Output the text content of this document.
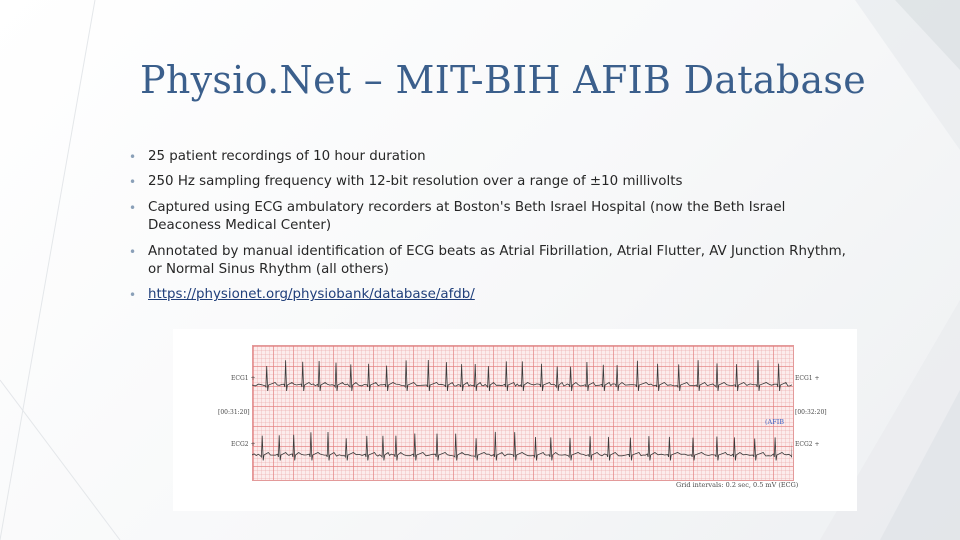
Physio.Net – MIT-BIH AFIB Database
• 25 patient recordings of 10 hour duration
• 250 Hz sampling frequency with 12-bit resolution over a range of ±10 millivolts
• Captured using ECG ambulatory recorders at Boston's Beth Israel Hospital (now the Beth Israel Deaconess Medical Center)
• Annotated by manual identification of ECG beats as Atrial Fibrillation, Atrial Flutter, AV Junction Rhythm, or Normal Sinus Rhythm (all others)
• https://physionet.org/physiobank/database/afdb/
ECG1 +	ECG1 +
[00:31:20]	[00:32:20]
(AFIB
ECG2 +	ECG2 +
Grid intervals: 0.2 sec, 0.5 mV (ECG)
